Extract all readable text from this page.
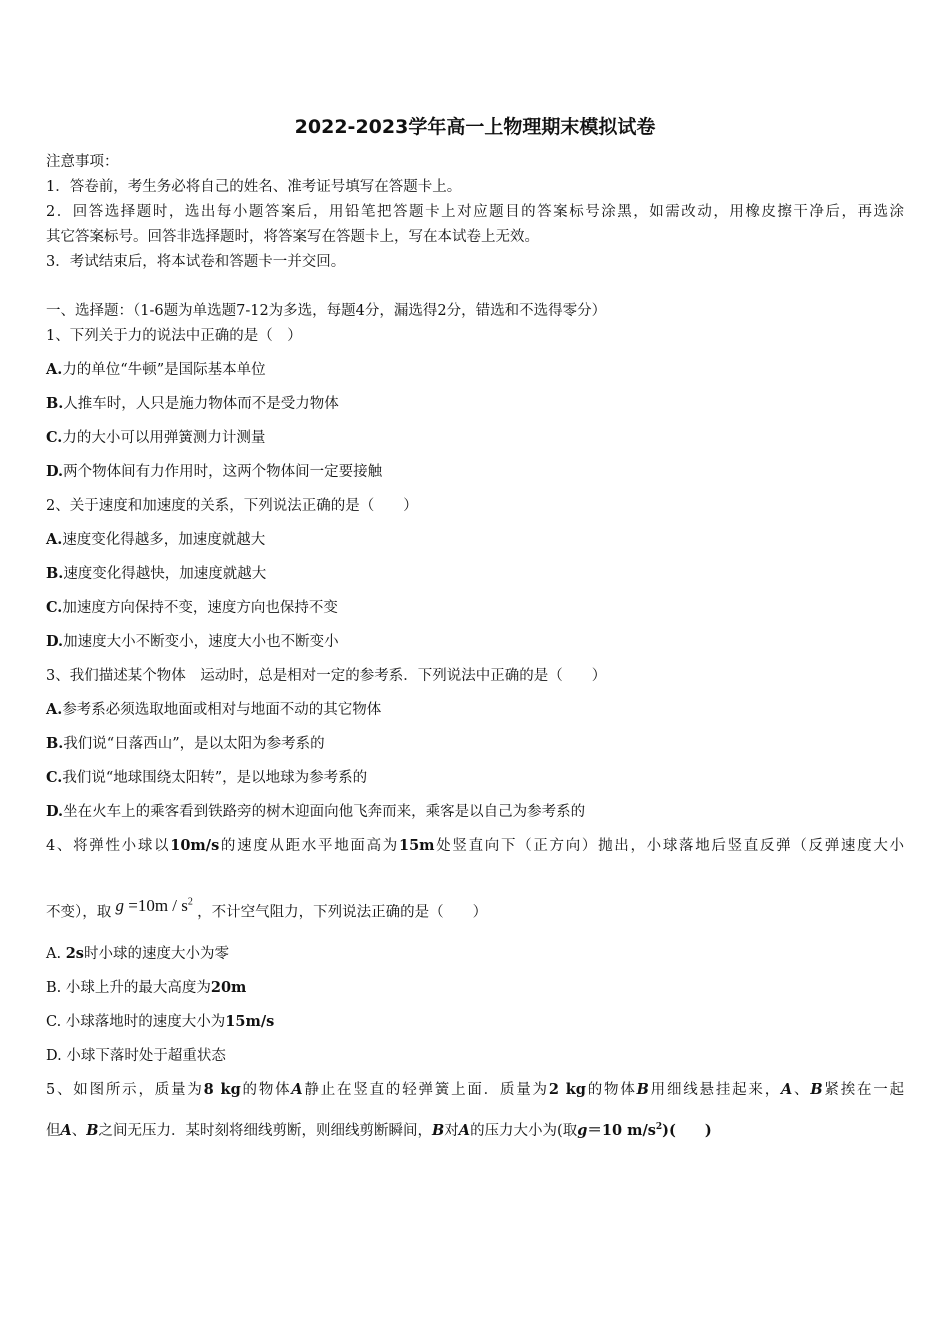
2022-2023学年高一上物理期末模拟试卷
注意事项：
1．答卷前，考生务必将自己的姓名、准考证号填写在答题卡上。
2．回答选择题时，选出每小题答案后，用铅笔把答题卡上对应题目的答案标号涂黑，如需改动，用橡皮擦干净后，再选涂
其它答案标号。回答非选择题时，将答案写在答题卡上，写在本试卷上无效。
3．考试结束后，将本试卷和答题卡一并交回。
一、选择题：（1-6题为单选题7-12为多选，每题4分，漏选得2分，错选和不选得零分）
1、下列关于力的说法中正确的是（　）
A.力的单位“牛顿”是国际基本单位
B.人推车时，人只是施力物体而不是受力物体
C.力的大小可以用弹簧测力计测量
D.两个物体间有力作用时，这两个物体间一定要接触
2、关于速度和加速度的关系，下列说法正确的是（　　）
A.速度变化得越多，加速度就越大
B.速度变化得越快，加速度就越大
C.加速度方向保持不变，速度方向也保持不变
D.加速度大小不断变小，速度大小也不断变小
3、我们描述某个物体　运动时，总是相对一定的参考系．下列说法中正确的是（　　）
A.参考系必须选取地面或相对与地面不动的其它物体
B.我们说“日落西山”，是以太阳为参考系的
C.我们说“地球围绕太阳转”，是以地球为参考系的
D.坐在火车上的乘客看到铁路旁的树木迎面向他飞奔而来，乘客是以自己为参考系的
4、将弹性小球以10m/s的速度从距水平地面高为15m处竖直向下（正方向）抛出，小球落地后竖直反弹（反弹速度大小
不变），取 $g =10m / s^2$ ，不计空气阻力，下列说法正确的是（　　）
A. 2s时小球的速度大小为零
B. 小球上升的最大高度为20m
C. 小球落地时的速度大小为15m/s
D. 小球下落时处于超重状态
5、如图所示，质量为8 kg的物体A静止在竖直的轻弹簧上面．质量为2 kg的物体B用细线悬挂起来，A、B紧挨在一起
但A、B之间无压力．某时刻将细线剪断，则细线剪断瞬间，B对A的压力大小为(取g＝10 $m/s^2$)(　　)
